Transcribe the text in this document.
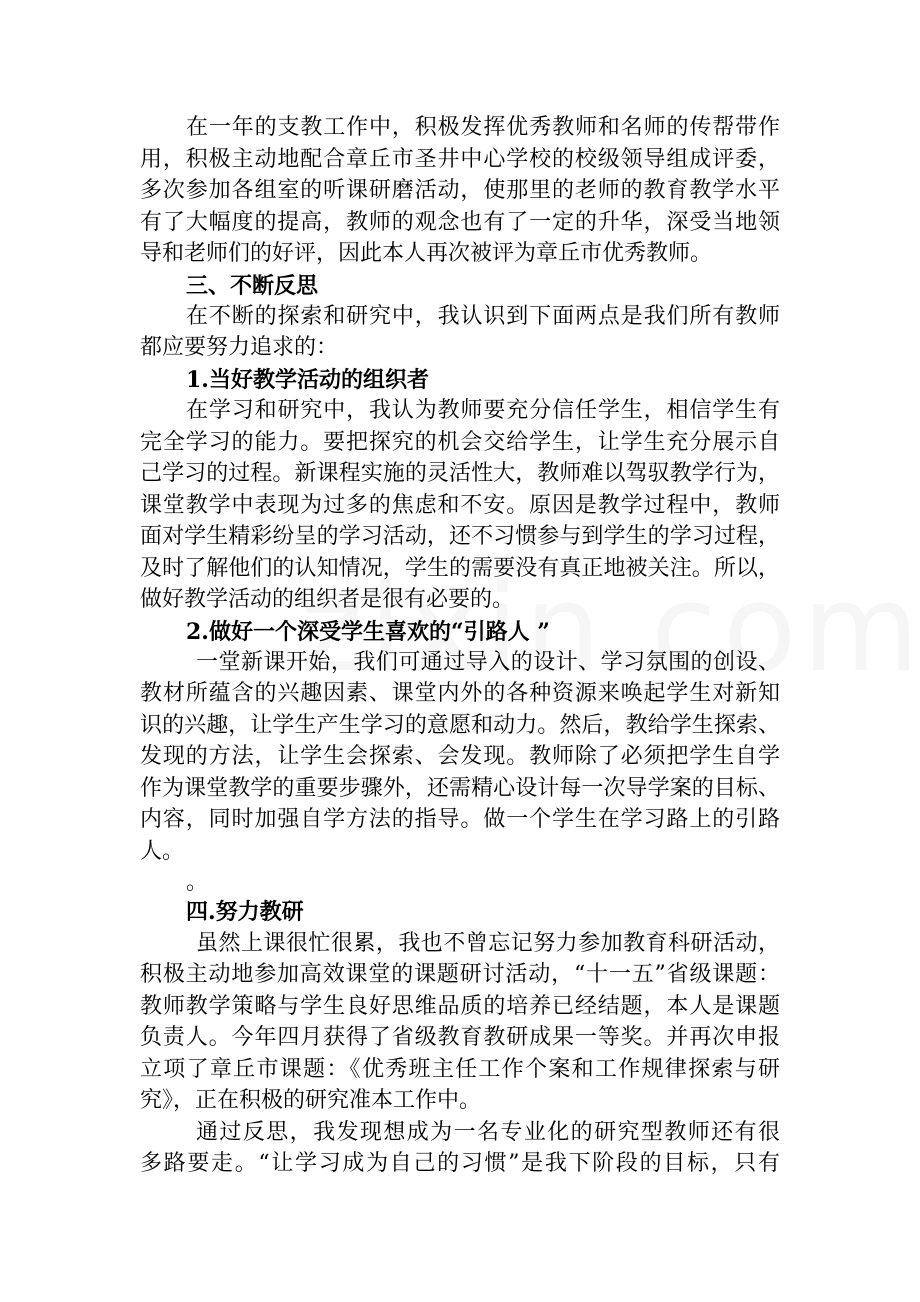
在一年的支教工作中，积极发挥优秀教师和名师的传帮带作
用，积极主动地配合章丘市圣井中心学校的校级领导组成评委，
多次参加各组室的听课研磨活动，使那里的老师的教育教学水平
有了大幅度的提高，教师的观念也有了一定的升华，深受当地领
导和老师们的好评，因此本人再次被评为章丘市优秀教师。
三、不断反思
在不断的探索和研究中，我认识到下面两点是我们所有教师
都应要努力追求的：
1.当好教学活动的组织者
在学习和研究中，我认为教师要充分信任学生，相信学生有
完全学习的能力。要把探究的机会交给学生，让学生充分展示自
己学习的过程。新课程实施的灵活性大，教师难以驾驭教学行为，
课堂教学中表现为过多的焦虑和不安。原因是教学过程中，教师
面对学生精彩纷呈的学习活动，还不习惯参与到学生的学习过程，
及时了解他们的认知情况，学生的需要没有真正地被关注。所以，
做好教学活动的组织者是很有必要的。
2.做好一个深受学生喜欢的“引路人 ”
一堂新课开始，我们可通过导入的设计、学习氛围的创设、
教材所蕴含的兴趣因素、课堂内外的各种资源来唤起学生对新知
识的兴趣，让学生产生学习的意愿和动力。然后，教给学生探索、
发现的方法，让学生会探索、会发现。教师除了必须把学生自学
作为课堂教学的重要步骤外，还需精心设计每一次导学案的目标、
内容，同时加强自学方法的指导。做一个学生在学习路上的引路
人。
。
四.努力教研
虽然上课很忙很累，我也不曾忘记努力参加教育科研活动，
积极主动地参加高效课堂的课题研讨活动，“十一五”省级课题：
教师教学策略与学生良好思维品质的培养已经结题，本人是课题
负责人。今年四月获得了省级教育教研成果一等奖。并再次申报
立项了章丘市课题：《优秀班主任工作个案和工作规律探索与研
究》，正在积极的研究准本工作中。
通过反思，我发现想成为一名专业化的研究型教师还有很
多路要走。“让学习成为自己的习惯”是我下阶段的目标，只有
